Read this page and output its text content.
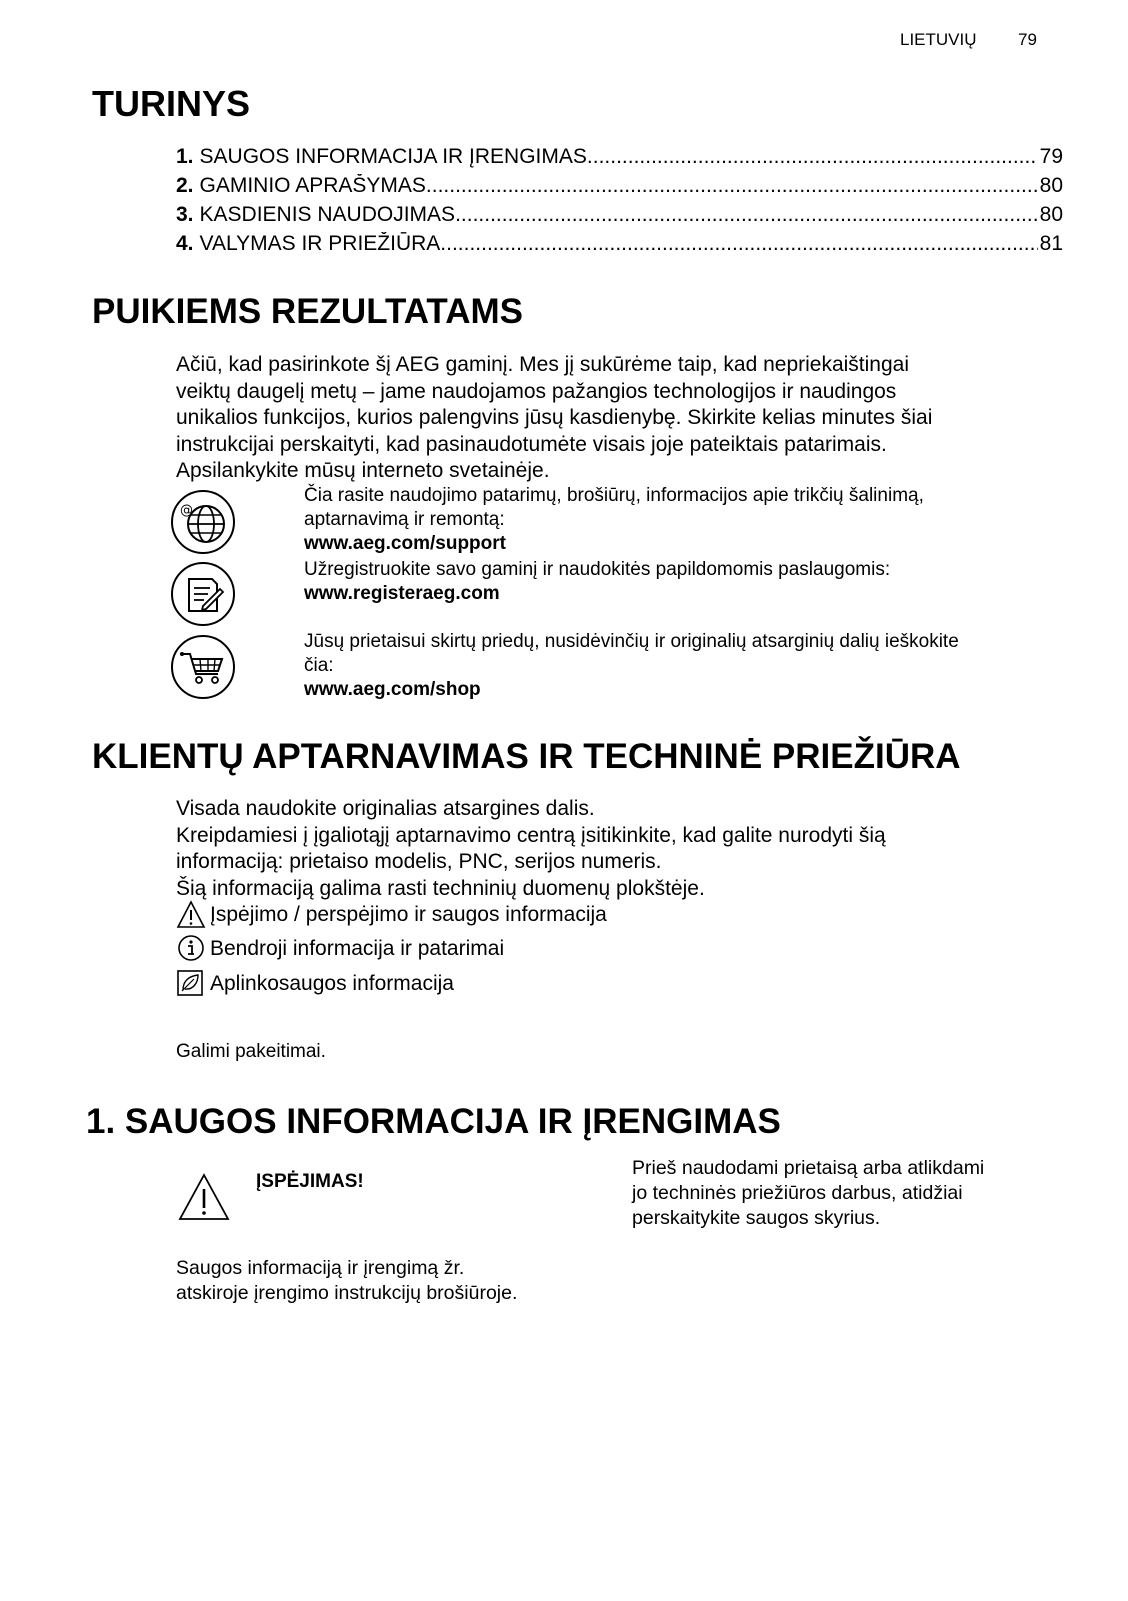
LIETUVIŲ 79
TURINYS
1. SAUGOS INFORMACIJA IR ĮRENGIMAS .....	79
2. GAMINIO APRAŠYMAS .....	80
3. KASDIENIS NAUDOJIMAS .....	80
4. VALYMAS IR PRIEŽIŪRA .....	81
PUIKIEMS REZULTATAMS

Ačiū, kad pasirinkote šį AEG gaminį. Mes jį sukūrėme taip, kad nepriekaištingai

veiktų daugelį metų – jame naudojamos pažangios technologijos ir naudingos

unikalios funkcijos, kurios palengvins jūsų kasdienybę. Skirkite kelias minutes šiai

instrukcijai perskaityti, kad pasinaudotumėte visais joje pateiktais patarimais.

Apsilankykite mūsų interneto svetainėje.

@
Čia rasite naudojimo patarimų, brošiūrų, informacijos apie trikčių šalinimą,
aptarnavimą ir remontą:
www.aeg.com/support
Užregistruokite savo gaminį ir naudokitės papildomomis paslaugomis:
www.registeraeg.com
Jūsų prietaisui skirtų priedų, nusidėvinčių ir originalių atsarginių dalių ieškokite
čia:
www.aeg.com/shop
KLIENTŲ APTARNAVIMAS IR TECHNINĖ PRIEŽIŪRA

Visada naudokite originalias atsargines dalis.

Kreipdamiesi į įgaliotąjį aptarnavimo centrą įsitikinkite, kad galite nurodyti šią

informaciją: prietaiso modelis, PNC, serijos numeris.

Šią informaciją galima rasti techninių duomenų plokštėje.

Įspėjimo / perspėjimo ir saugos informacija
Bendroji informacija ir patarimai
Aplinkosaugos informacija
Galimi pakeitimai.
1. SAUGOS INFORMACIJA IR ĮRENGIMAS
ĮSPĖJIMAS!
Saugos informaciją ir įrengimą žr.
atskiroje įrengimo instrukcijų brošiūroje.
Prieš naudodami prietaisą arba atlikdami
jo techninės priežiūros darbus, atidžiai
perskaitykite saugos skyrius.
